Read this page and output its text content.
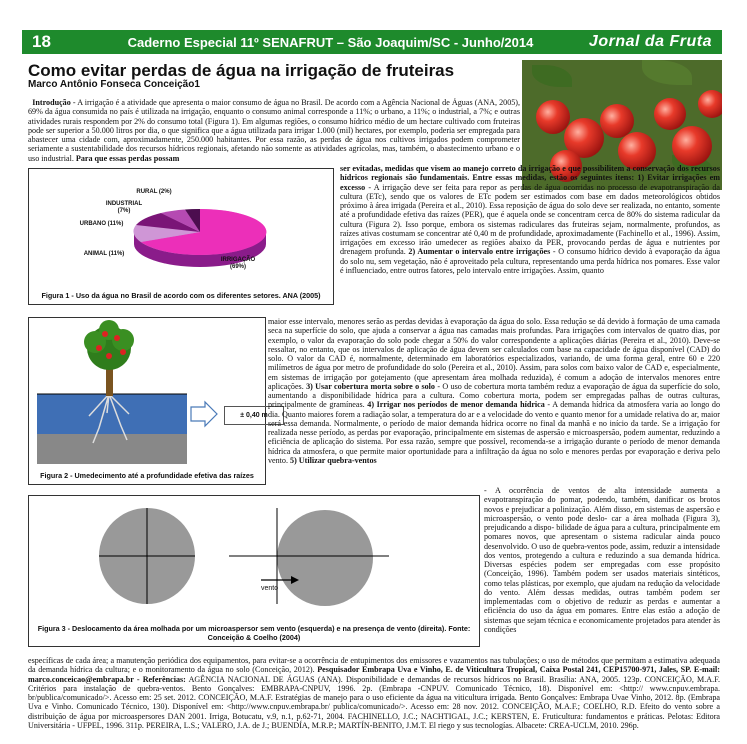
18	Caderno Especial 11º SENAFRUT – São Joaquim/SC - Junho/2014	Jornal da Fruta
Como evitar perdas de água na irrigação de fruteiras
Marco Antônio Fonseca Conceição1
Introdução - A irrigação é a atividade que apresenta o maior consumo de água no Brasil. De acordo com a Agência Nacional de Águas (ANA, 2005), 69% da água consumida no país é utilizada na irrigação, enquanto o consumo animal corresponde a 11%; o urbano, a 11%; o industrial, a 7%; e outras atividades rurais respondem por 2% do consumo total (Figura 1). Em algumas regiões, o consumo hídrico médio de um hectare cultivado com fruteiras pode ser superior a 50.000 litros por dia, o que significa que a água utilizada para irrigar 1.000 (mil) hectares, por exemplo, poderia ser empregada para abastecer uma cidade com, aproximadamente, 250.000 habitantes. Por essa razão, as perdas de água nos cultivos irrigados podem comprometer seriamente a sustentabilidade dos recursos hídricos regionais, afetando não somente as atividades agrícolas, mas, também, o abastecimento urbano e o uso industrial. Para que essas perdas possam
RURAL (2%)
INDUSTRIAL (7%)
URBANO (11%)
ANIMAL (11%)
IRRIGAÇÃO (69%)
Figura 1 - Uso da água no Brasil de acordo com os diferentes setores. ANA (2005)
ser evitadas, medidas que visem ao manejo correto da irrigação e que possibilitem a conservação dos recursos hídricos regionais são fundamentais. Entre essas medidas, estão os seguintes itens: 1) Evitar irrigações em excesso - A irrigação deve ser feita para repor as perdas de água ocorridas no processo de evapotranspiração da cultura (ETc), sendo que os valores de ETc podem ser estimados com base em dados meteorológicos obtidos próximo à área irrigada (Pereira et al., 2010). Essa reposição de água do solo deve ser realizada, no entanto, somente até a profundidade efetiva das raízes (PER), que é aquela onde se concentram cerca de 80% do sistema radicular da cultura (Figura 2). Isso porque, embora os sistemas radiculares das fruteiras sejam, normalmente, profundos, as raízes ativas costumam se concentrar até 0,40 m de profundidade, aproximadamente (Fachinello et al., 1996). Assim, irrigações em excesso irão umedecer as regiões abaixo da PER, provocando perdas de água e nutrientes por drenagem profunda. 2) Aumentar o intervalo entre irrigações - O consumo hídrico devido à evaporação da água do solo nu, sem vegetação, não é aproveitado pela cultura, representando uma perda hídrica nos pomares. Esse valor é influenciado, entre outros fatores, pelo intervalo entre irrigações. Assim, quanto
± 0,40 m
Figura 2 - Umedecimento até a profundidade efetiva das raízes
maior esse intervalo, menores serão as perdas devidas à evaporação da água do solo. Essa redução se dá devido à formação de uma camada seca na superfície do solo, que ajuda a conservar a água nas camadas mais profundas. Para irrigações com intervalos de quatro dias, por exemplo, o valor da evaporação do solo pode chegar a 50% do valor correspondente a aplicações diárias (Pereira et al., 2010). Deve-se ressaltar, no entanto, que os intervalos de aplicação de água devem ser calculados com base na capacidade de água disponível (CAD) do solo. O valor da CAD é, normalmente, determinado em laboratórios especializados, variando, de uma forma geral, entre 60 e 220 milímetros de água por metro de profundidade do solo (Pereira et al., 2010). Assim, para solos com baixo valor de CAD e, especialmente, em sistemas de irrigação por gotejamento (que apresentam área molhada reduzida), é comum a adoção de intervalos menores entre aplicações. 3) Usar cobertura morta sobre o solo - O uso de cobertura morta também reduz a evaporação de água da superfície do solo, aumentando a disponibilidade hídrica para a cultura. Como cobertura morta, podem ser empregadas palhas de outras culturas, principalmente de gramíneas. 4) Irrigar nos períodos de menor demanda hídrica - A demanda hídrica da atmosfera varia ao longo do dia. Quanto maiores forem a radiação solar, a temperatura do ar e a velocidade do vento e quanto menor for a umidade relativa do ar, maior será essa demanda. Normalmente, o período de maior demanda hídrica ocorre no final da manhã e no início da tarde. Se a irrigação for realizada nesse período, as perdas por evaporação, principalmente em sistemas de aspersão e microaspersão, podem aumentar, reduzindo a eficiência de aplicação do sistema. Por essa razão, sempre que possível, recomenda-se a irrigação durante o período de menor demanda hídrica da atmosfera, o que permite maior oportunidade para a infiltração da água no solo e menores perdas por evaporação e deriva pelo vento. 5) Utilizar quebra-ventos
vento
Figura 3 - Deslocamento da área molhada por um microaspersor sem vento (esquerda) e na presença de vento (direita). Fonte: Conceição & Coelho (2004)
- A ocorrência de ventos de alta intensidade aumenta a evapotranspiração do pomar, podendo, também, danificar os brotos novos e prejudicar a polinização. Além disso, em sistemas de aspersão e microaspersão, o vento pode deslo- car a área molhada (Figura 3), prejudicando a dispo- bilidade de água para a cultura, principalmente em pomares novos, que apresentam o sistema radicular ainda pouco desenvolvido. O uso de quebra-ventos pode, assim, reduzir a intensidade dos ventos, protegendo a cultura e reduzindo a sua demanda hídrica. Diversas espécies podem ser empregadas com esse propósito (Conceição, 1996). Também podem ser usados materiais sintéticos, como telas plásticas, por exemplo, que ajudam na redução da velocidade do vento. Além dessas medidas, outras também podem ser implementadas com o objetivo de reduzir as perdas e aumentar a eficiência do uso da água em pomares. Entre elas estão a adoção de sistemas que sejam técnica e economicamente projetados para atender às condições
específicas de cada área; a manutenção periódica dos equipamentos, para evitar-se a ocorrência de entupimentos dos emissores e vazamentos nas tubulações; o uso de métodos que permitam a estimativa adequada da demanda hídrica da cultura; e o monitoramento da água no solo (Conceição, 2012). Pesquisador Embrapa Uva e Vinho, E. de Viticultura Tropical, Caixa Postal 241, CEP15700-971, Jales, SP. E-mail: marco.conceicao@embrapa.br - Referências: AGÊNCIA NACIONAL DE ÁGUAS (ANA). Disponibilidade e demandas de recursos hídricos no Brasil. Brasília: ANA, 2005. 123p. CONCEIÇÃO, M.A.F. Critérios para instalação de quebra-ventos. Bento Gonçalves: EMBRAPA-CNPUV, 1996. 2p. (Embrapa -CNPUV. Comunicado Técnico, 18). Disponível em: <http:// www.cnpuv.embrapa. br/publica/comunicado/>. Acesso em: 25 set. 2012. CONCEIÇÃO, M.A.F. Estratégias de manejo para o uso eficiente da água na viticultura irrigada. Bento Gonçalves: Embrapa Uvae Vinho, 2012. 8p. (Embrapa Uva e Vinho. Comunicado Técnico, 130). Disponível em: <http://www.cnpuv.embrapa.br/ publica/comunicado/>. Acesso em: 28 nov. 2012. CONCEIÇÃO, M.A.F.; COELHO, R.D. Efeito do vento sobre a distribuição de água por microaspersores DAN 2001. Irriga, Botucatu, v.9, n.1, p.62-71, 2004. FACHINELLO, J.C.; NACHTIGAL, J.C.; KERSTEN, E. Fruticultura: fundamentos e práticas. Pelotas: Editora Universitária - UFPEL, 1996. 311p. PEREIRA, L.S.; VALERO, J.A. de J.; BUENDÍA, M.R.P.; MARTÍN-BENITO, J.M.T. El riego y sus tecnologías. Albacete: CREA-UCLM, 2010. 296p.
